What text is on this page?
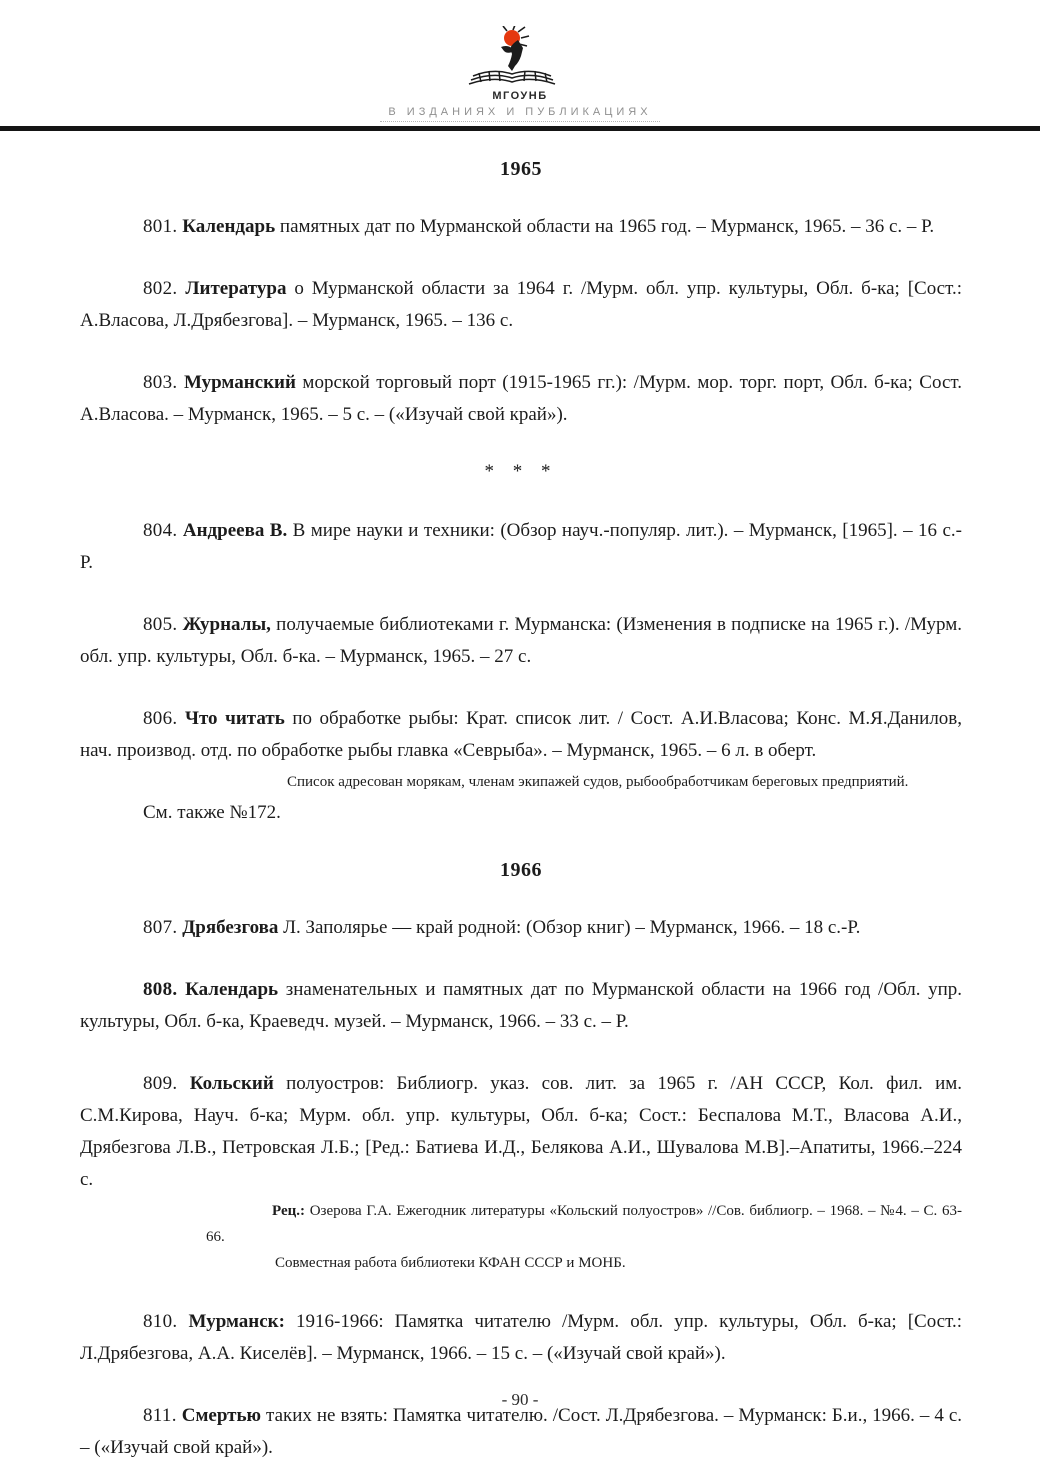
МГОУНБ
В ИЗДАНИЯХ И ПУБЛИКАЦИЯХ
1965

801. Календарь памятных дат по Мурманской области на 1965 год. – Мурманск, 1965. – 36 с. – Р.

802. Литература о Мурманской области за 1964 г. /Мурм. обл. упр. культуры, Обл. б-ка; [Сост.: А.Власова, Л.Дрябезгова]. – Мурманск, 1965. – 136 с.

803. Мурманский морской торговый порт (1915-1965 гг.): /Мурм. мор. торг. порт, Обл. б-ка; Сост. А.Власова. – Мурманск, 1965. – 5 с. – («Изучай свой край»).

* * *

804. Андреева В. В мире науки и техники: (Обзор науч.-популяр. лит.). – Мурманск, [1965]. – 16 с.- Р.

805. Журналы, получаемые библиотеками г. Мурманска: (Изменения в подписке на 1965 г.). /Мурм. обл. упр. культуры, Обл. б-ка. – Мурманск, 1965. – 27 с.

806. Что читать по обработке рыбы: Крат. список лит. / Сост. А.И.Власова; Конс. М.Я.Данилов, нач. производ. отд. по обработке рыбы главка «Севрыба». – Мурманск, 1965. – 6 л. в оберт.

Список адресован морякам, членам экипажей судов, рыбообработчикам береговых предприятий.

См. также №172.

1966

807. Дрябезгова Л. Заполярье — край родной: (Обзор книг) – Мурманск, 1966. – 18 с.-Р.

808. Календарь знаменательных и памятных дат по Мурманской области на 1966 год /Обл. упр. культуры, Обл. б-ка, Краеведч. музей. – Мурманск, 1966. – 33 с. – Р.

809. Кольский полуостров: Библиогр. указ. сов. лит. за 1965 г. /АН СССР, Кол. фил. им. С.М.Кирова, Науч. б-ка; Мурм. обл. упр. культуры, Обл. б-ка; Сост.: Беспалова М.Т., Власова А.И., Дрябезгова Л.В., Петровская Л.Б.; [Ред.: Батиева И.Д., Белякова А.И., Шувалова М.В].–Апатиты, 1966.–224 с.

Рец.: Озерова Г.А. Ежегодник литературы «Кольский полуостров» //Сов. библиогр. – 1968. – №4. – С. 63-66.

Совместная работа библиотеки КФАН СССР и МОНБ.

810. Мурманск: 1916-1966: Памятка читателю /Мурм. обл. упр. культуры, Обл. б-ка; [Сост.: Л.Дрябезгова, А.А. Киселёв]. – Мурманск, 1966. – 15 с. – («Изучай свой край»).

811. Смертью таких не взять: Памятка читателю. /Сост. Л.Дрябезгова. – Мурманск: Б.и., 1966. – 4 с. – («Изучай свой край»).

- 90 -
